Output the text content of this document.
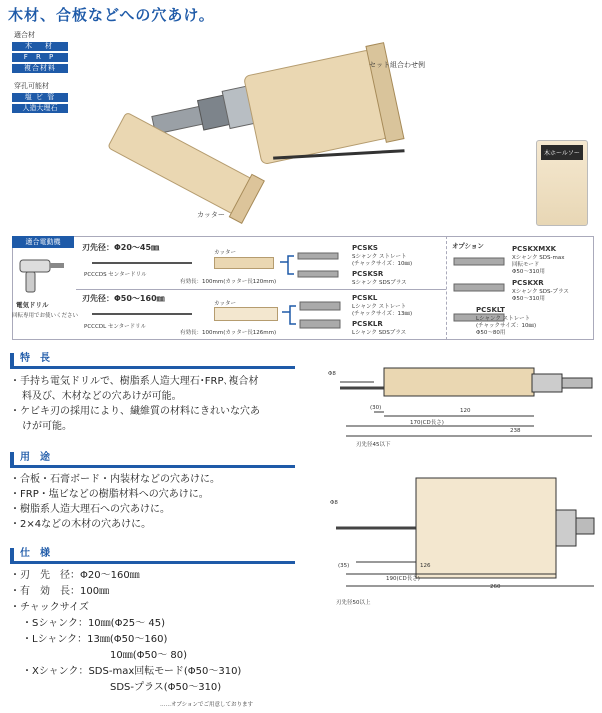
木材、合板などへの穴あけ。
適合材
木　材
F R P
複合材料
穿孔可能材
塩 ビ 管
人造大理石
セット組合わせ例
カッター
木ホールソー
適合電動機
電気ドリル
回転専用でお使いください
刃先径：Φ20～45㎜
PCCCDS センタードリル
カッター
有効長：100mm(カッター長120mm)
PCSKS
Sシャンク ストレート
(チャックサイズ：10㎜)
PCSKSR
Sシャンク SDSプラス
刃先径：Φ50～160㎜
PCCCDL センタードリル
カッター
有効長：100mm(カッター長126mm)
PCSKL
Lシャンク ストレート
(チャックサイズ：13㎜)
PCSKLR
Lシャンク SDSプラス
オプション	PCSKXMXK
Xシャンク SDS-max
回転モード
Φ50～310用
PCSKXR
Xシャンク SDS-プラス
Φ50～310用
PCSKLT
Lシャンク ストレート
(チャックサイズ：10㎜)
Φ50～80用
特　長
・手持ち電気ドリルで、樹脂系人造大理石･FRP､複合材
料及び、木材などの穴あけが可能。
・ケビキ刃の採用により、繊維質の材料にきれいな穴あ
けが可能。
用　途
・合板・石膏ボード・内装材などの穴あけに。
・FRP・塩ビなどの樹脂材料への穴あけに。
・樹脂系人造大理石への穴あけに。
・2×4などの木材の穴あけに。
仕　様
・刃　先　径：Φ20～160㎜
・有　効　長：100㎜
・チャックサイズ
・Sシャンク：10㎜(Φ25～ 45)
・Lシャンク：13㎜(Φ50～160)
10㎜(Φ50～ 80)
・Xシャンク：SDS-max回転モード(Φ50～310)
SDS-プラス(Φ50～310)
……オプションでご用意しております
Φ8
(30)	120
170(CD長さ)
238
刃先径45以下
Φ8
(35)	126
190(CD長さ)
260
刃先径50以上
